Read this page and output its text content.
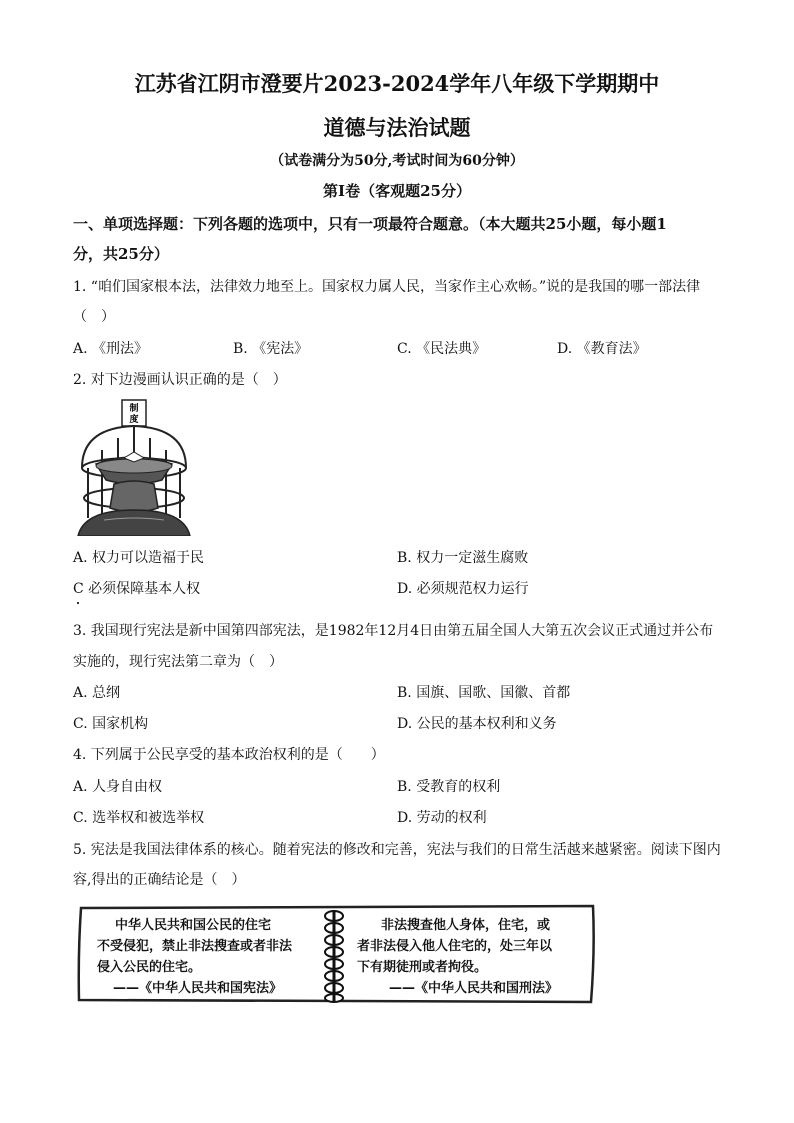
江苏省江阴市澄要片2023-2024学年八年级下学期期中
道德与法治试题
（试卷满分为50分,考试时间为60分钟）
第Ⅰ卷（客观题25分）
一、单项选择题：下列各题的选项中，只有一项最符合题意。（本大题共25小题，每小题1
分，共25分）
1. “咱们国家根本法，法律效力地至上。国家权力属人民，当家作主心欢畅。”说的是我国的哪一部法律
（　）
A. 《刑法》	B. 《宪法》	C. 《民法典》	D. 《教育法》
2. 对下边漫画认识正确的是（　）
制
度
A. 权力可以造福于民	B. 权力一定滋生腐败
C 必须保障基本人权	D. 必须规范权力运行
3. 我国现行宪法是新中国第四部宪法，是1982年12月4日由第五届全国人大第五次会议正式通过并公布
实施的，现行宪法第二章为（　）
A. 总纲	B. 国旗、国歌、国徽、首都
C. 国家机构	D. 公民的基本权利和义务
4. 下列属于公民享受的基本政治权利的是（　　）
A. 人身自由权	B. 受教育的权利
C. 选举权和被选举权	D. 劳动的权利
5. 宪法是我国法律体系的核心。随着宪法的修改和完善，宪法与我们的日常生活越来越紧密。阅读下图内
容,得出的正确结论是（　）
中华人民共和国公民的住宅
不受侵犯，禁止非法搜查或者非法
侵入公民的住宅。
——《中华人民共和国宪法》
非法搜查他人身体，住宅，或
者非法侵入他人住宅的，处三年以
下有期徒刑或者拘役。
——《中华人民共和国刑法》
